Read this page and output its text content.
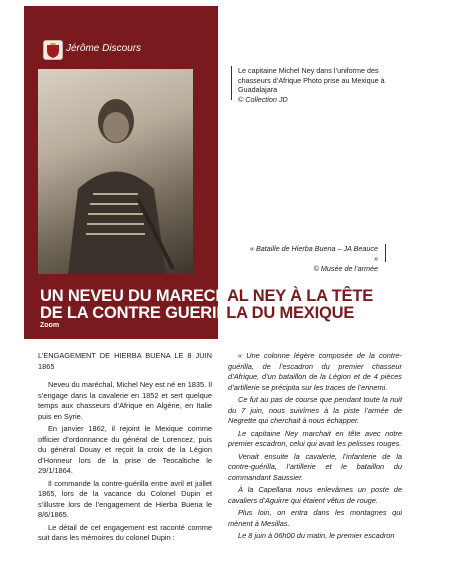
Jérôme Discours
Le capitaine Michel Ney dans l’uniforme des chasseurs d’Afrique Photo prise au Mexique à Guadalajara
© Collection JD
« Bataille de Hierba Buena – JA Beauce »
© Musée de l’armée
UN NEVEU DU MARECHAL NEY À LA TÊTE
DE LA CONTRE GUERILLA DU MEXIQUE
Zoom

L’ENGAGEMENT DE HIERBA BUENA LE 8 JUIN 1865

Neveu du maréchal, Michel Ney est né en 1835. Il s’engage dans la cavalerie en 1852 et sert quelque temps aux chasseurs d’Afrique en Algérie, en Italie puis en Syrie.

En janvier 1862, il rejoint le Mexique comme officier d’ordonnance du général de Lorencez, puis du général Douay et reçoit la croix de la Légion d’Honneur lors de la prise de Teocaltiche le 29/1/1864.

Il commande la contre-guérilla entre avril et juillet 1865, lors de la vacance du Colonel Dupin et s’illustre lors de l’engagement de Hierba Buena le 8/6/1865.

Le détail de cet engagement est raconté comme suit dans les mémoires du colonel Dupin :

« Une colonne légère composée de la contre-guérilla, de l’escadron du premier chasseur d’Afrique, d’un bataillon de la Légion et de 4 pièces d’artillerie se précipita sur les traces de l’ennemi.

Ce fut au pas de course que pendant toute la nuit du 7 juin, nous suivîmes à la piste l’armée de Negrette qui cherchait à nous échapper.

Le capitaine Ney marchait en tête avec notre premier escadron, celui qui avait les pelisses rouges.

Venait ensuite la cavalerie, l’infanterie de la contre-guérilla, l’artillerie et le bataillon du commandant Saussier.

À la Capellana nous enlevâmes un poste de cavaliers d’Aguirre qui étaient vêtus de rouge.

Plus loin, on entra dans les montagnes qui mènent à Mesillas.

Le 8 juin à 06h00 du matin, le premier escadron
